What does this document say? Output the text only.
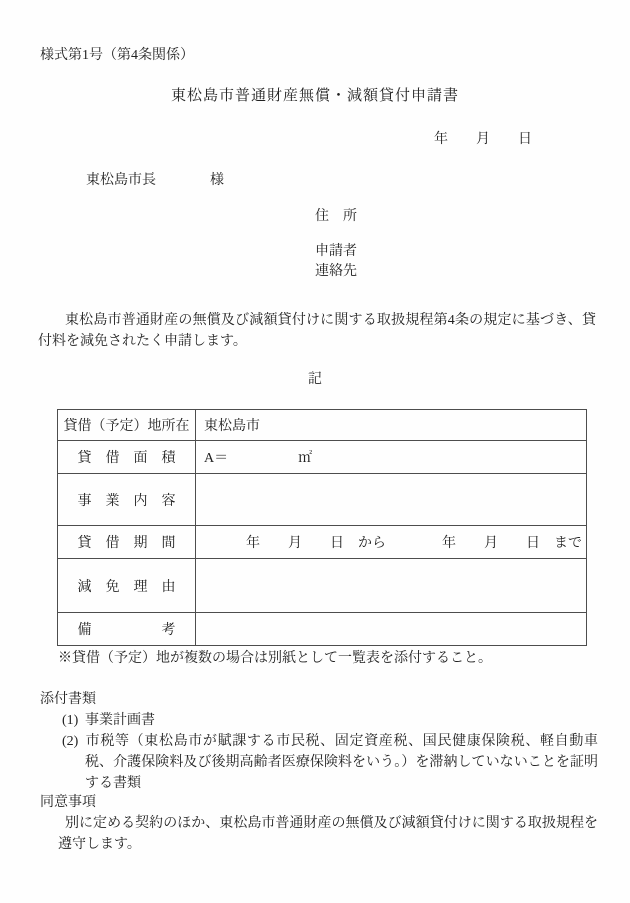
様式第1号（第4条関係）
東松島市普通財産無償・減額貸付申請書
年　　月　　日
東松島市長	様
住　所
申請者
連絡先

東松島市普通財産の無償及び減額貸付けに関する取扱規程第4条の規定に基づき、貸付料を減免されたく申請します。

記
貸借（予定）地所在	東松島市
貸　借　面　積	A＝　　　　　㎡
事　業　内　容	
貸　借　期　間	　　　年　　月　　日　から　　　　年　　月　　日　まで
減　免　理　由	
備　　　　　考	
※貸借（予定）地が複数の場合は別紙として一覧表を添付すること。
添付書類
(1) 事業計画書
(2) 市税等（東松島市が賦課する市民税、固定資産税、国民健康保険税、軽自動車税、介護保険料及び後期高齢者医療保険料をいう。）を滞納していないことを証明する書類
同意事項

別に定める契約のほか、東松島市普通財産の無償及び減額貸付けに関する取扱規程を遵守します。
